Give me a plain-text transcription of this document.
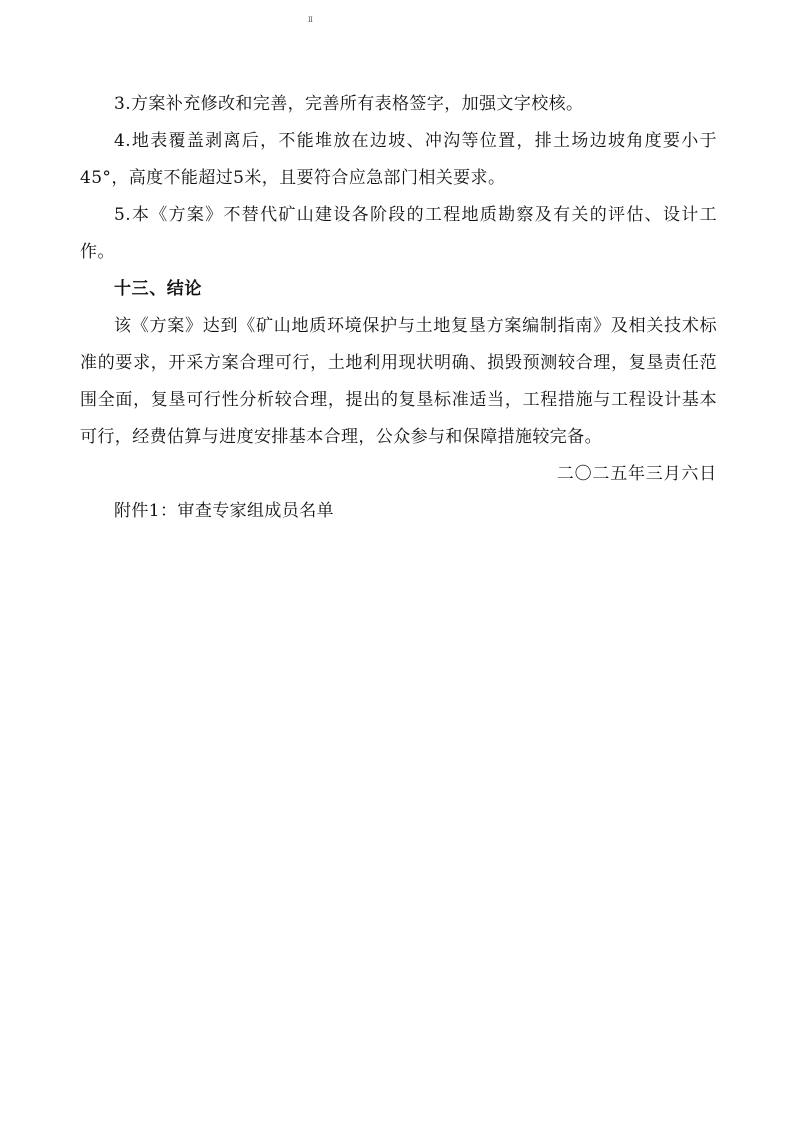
Ⅱ

3.方案补充修改和完善，完善所有表格签字，加强文字校核。

4.地表覆盖剥离后，不能堆放在边坡、冲沟等位置，排土场边坡角度要小于45°，高度不能超过5米，且要符合应急部门相关要求。

5.本《方案》不替代矿山建设各阶段的工程地质勘察及有关的评估、设计工作。

十三、结论

该《方案》达到《矿山地质环境保护与土地复垦方案编制指南》及相关技术标准的要求，开采方案合理可行，土地利用现状明确、损毁预测较合理，复垦责任范围全面，复垦可行性分析较合理，提出的复垦标准适当，工程措施与工程设计基本可行，经费估算与进度安排基本合理，公众参与和保障措施较完备。

二〇二五年三月六日

附件1：审查专家组成员名单
